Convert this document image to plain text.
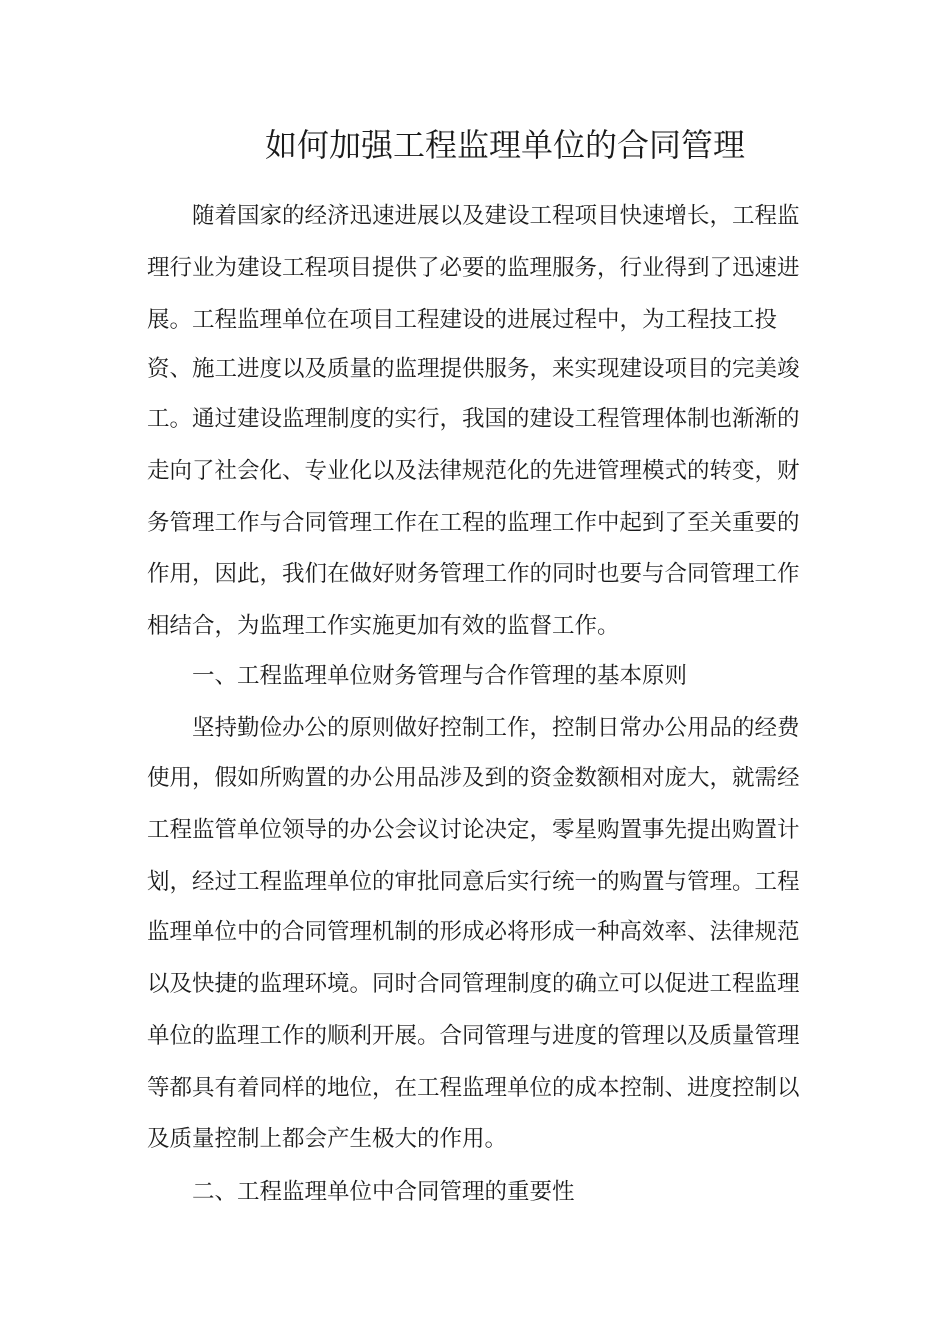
如何加强工程监理单位的合同管理

随着国家的经济迅速进展以及建设工程项目快速增长，工程监

理行业为建设工程项目提供了必要的监理服务，行业得到了迅速进

展。工程监理单位在项目工程建设的进展过程中，为工程技工投

资、施工进度以及质量的监理提供服务，来实现建设项目的完美竣

工。通过建设监理制度的实行，我国的建设工程管理体制也渐渐的

走向了社会化、专业化以及法律规范化的先进管理模式的转变，财

务管理工作与合同管理工作在工程的监理工作中起到了至关重要的

作用，因此，我们在做好财务管理工作的同时也要与合同管理工作

相结合，为监理工作实施更加有效的监督工作。

一、工程监理单位财务管理与合作管理的基本原则

坚持勤俭办公的原则做好控制工作，控制日常办公用品的经费

使用，假如所购置的办公用品涉及到的资金数额相对庞大，就需经

工程监管单位领导的办公会议讨论决定，零星购置事先提出购置计

划，经过工程监理单位的审批同意后实行统一的购置与管理。工程

监理单位中的合同管理机制的形成必将形成一种高效率、法律规范

以及快捷的监理环境。同时合同管理制度的确立可以促进工程监理

单位的监理工作的顺利开展。合同管理与进度的管理以及质量管理

等都具有着同样的地位，在工程监理单位的成本控制、进度控制以

及质量控制上都会产生极大的作用。

二、工程监理单位中合同管理的重要性
